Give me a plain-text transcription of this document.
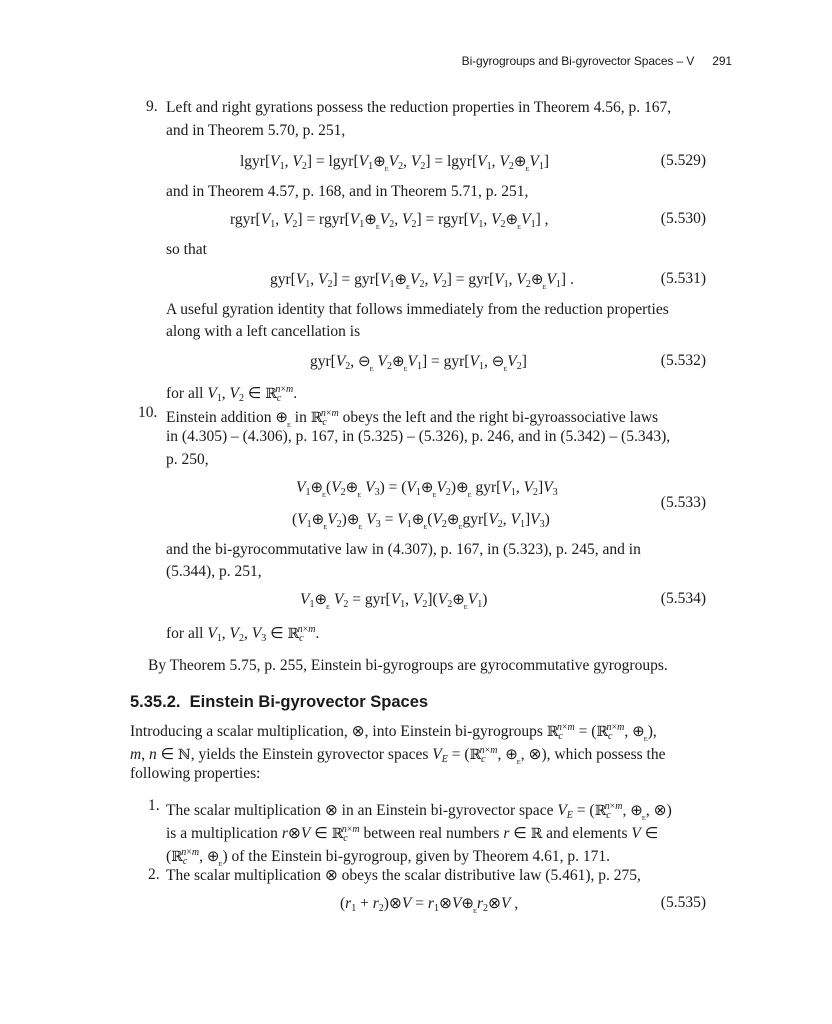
Bi-gyrogroups and Bi-gyrovector Spaces – V 291
9. Left and right gyrations possess the reduction properties in Theorem 4.56, p. 167,
and in Theorem 5.70, p. 251,
$lgyr[V_1$, $V_2$] = $lgyr[V_1\oplus_EV_2$, $V_2$] = $lgyr[V_1$, $V_2\oplus_EV_1$]	(5.529)
and in Theorem 4.57, p. 168, and in Theorem 5.71, p. 251,
$rgyr[V_1$, $V_2$] = $rgyr[V_1\oplus_EV_2$, $V_2$] = $rgyr[V_1$, $V_2\oplus_EV_1$] ,	(5.530)
so that
$gyr[V_1$, $V_2$] = $gyr[V_1\oplus_EV_2$, $V_2] = gyr[V_1$, $V_2\oplus_EV_1$] .	(5.531)
A useful gyration identity that follows immediately from the reduction properties
along with a left cancellation is
$gyr[V_2$, $⊖_E$ $V_2\oplus_EV_1] = gyr[V_1$, $⊖_EV_2$]	(5.532)
for all $V_1$, $V_2$ ∈ ℝ$_c^{n\times m}$.
10. Einstein addition $\oplus_E$ in ℝ$_c^{n\times m}$ obeys the left and the right bi-gyroassociative laws
in (4.305) – (4.306), p. 167, in (5.325) – (5.326), p. 246, and in (5.342) – (5.343),
p. 250,
$V_1\oplus_E(V_2\oplus_E$ $V_3$) = $(V_1\oplus_EV_2)\oplus_E$ $gyr[V_1$, $V_2]V_3$
(5.533)
$(V_1\oplus_EV_2)\oplus_E$ $V_3$ = $V_1\oplus_E(V_2\oplus_Egyr[V_2$, $V_1]V_3$)
and the bi-gyrocommutative law in (4.307), p. 167, in (5.323), p. 245, and in
(5.344), p. 251,
$V_1\oplus_E$ $V_2 = gyr[V_1$, $V_2](V_2\oplus_EV_1)$	(5.534)
for all $V_1$, $V_2$, $V_3$ ∈ ℝ$_c^{n\times m}$.
By Theorem 5.75, p. 255, Einstein bi-gyrogroups are gyrocommutative gyrogroups.
5.35.2. Einstein Bi-gyrovector Spaces
Introducing a scalar multiplication, ⊗, into Einstein bi-gyrogroups ℝ$_c^{n\times m}$ = (ℝ$_c^{n\times m}$, $\oplus_E$),
m, n ∈ ℕ, yields the Einstein gyrovector spaces $V_E$ = (ℝ$_c^{n\times m}$, $\oplus_E$, ⊗), which possess the
following properties:
1. The scalar multiplication ⊗ in an Einstein bi-gyrovector space $V_E$ = (ℝ$_c^{n\times m}$, $\oplus_E$, ⊗)
is a multiplication r⊗V ∈ ℝ$_c^{n\times m}$ between real numbers r ∈ ℝ and elements V ∈
(ℝ$_c^{n\times m}$, $\oplus_E$) of the Einstein bi-gyrogroup, given by Theorem 4.61, p. 171.
2. The scalar multiplication ⊗ obeys the scalar distributive law (5.461), p. 275,
($r_1$ + $r_2)\otimes V$ = $r_1\otimes V\oplus_Er_2\otimes V$ ,	(5.535)
